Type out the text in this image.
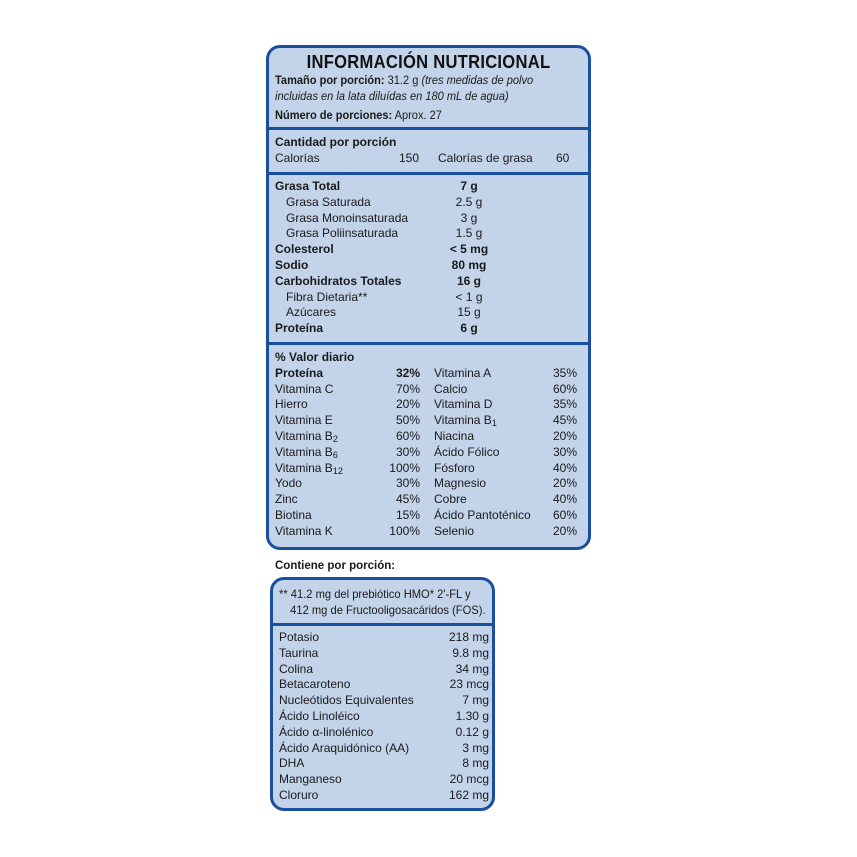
INFORMACIÓN NUTRICIONAL
Tamaño por porción: 31.2 g (tres medidas de polvo
incluidas en la lata diluídas en 180 mL de agua)
Número de porciones: Aprox. 27
Cantidad por porción
Calorías	150 Calorías de grasa 60
Grasa Total	7 g
Grasa Saturada	2.5 g
Grasa Monoinsaturada	3 g
Grasa Poliinsaturada	1.5 g
Colesterol	< 5 mg
Sodio	80 mg
Carbohidratos Totales	16 g
Fibra Dietaria**	< 1 g
Azúcares	15 g
Proteína	6 g
% Valor diario
Proteína	32% Vitamina A	35%
Vitamina C	70% Calcio	60%
Hierro	20% Vitamina D	35%
Vitamina E	50% Vitamina $B_1$	45%
Vitamina $B_2$	60% Niacina	20%
Vitamina $B_6$	30% Ácido Fólico	30%
Vitamina $B_{12}$	100% Fósforo	40%
Yodo	30% Magnesio	20%
Zinc	45% Cobre	40%
Biotina	15% Ácido Pantoténico	60%
Vitamina K	100% Selenio	20%
Contiene por porción:
** 41.2 mg del prebiótico HMO* 2'-FL y
412 mg de Fructooligosacáridos (FOS).
Potasio	218 mg
Taurina	9.8 mg
Colina	34 mg
Betacaroteno	23 mcg
Nucleótidos Equivalentes	7 mg
Ácido Linoléico	1.30 g
Ácido α-linolénico	0.12 g
Ácido Araquidónico (AA)	3 mg
DHA	8 mg
Manganeso	20 mcg
Cloruro	162 mg
